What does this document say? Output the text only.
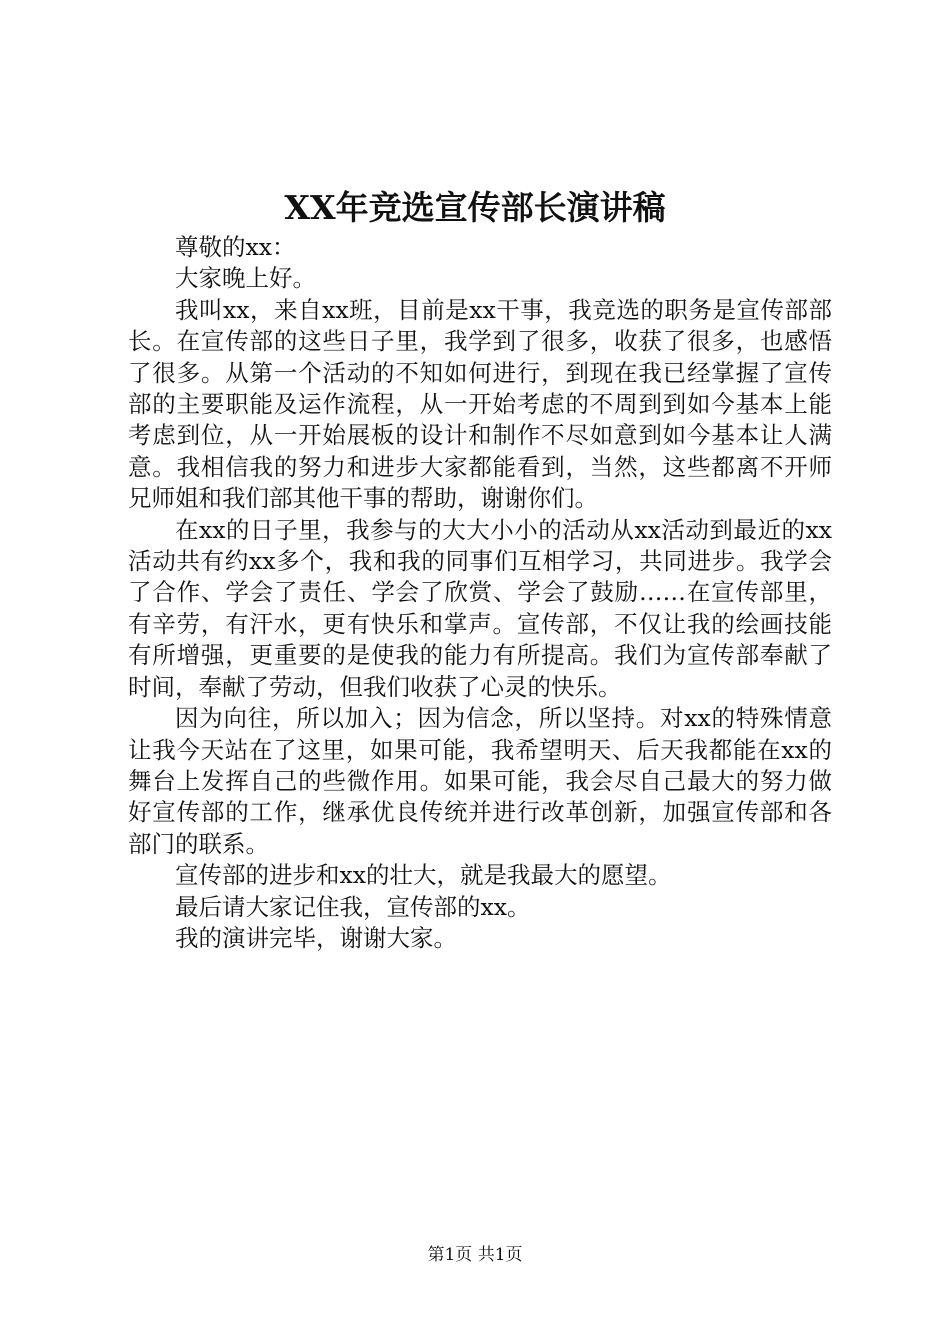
XX年竞选宣传部长演讲稿

尊敬的xx：

大家晚上好。

我叫xx，来自xx班，目前是xx干事，我竞选的职务是宣传部部长。在宣传部的这些日子里，我学到了很多，收获了很多，也感悟了很多。从第一个活动的不知如何进行，到现在我已经掌握了宣传部的主要职能及运作流程，从一开始考虑的不周到到如今基本上能考虑到位，从一开始展板的设计和制作不尽如意到如今基本让人满意。我相信我的努力和进步大家都能看到，当然，这些都离不开师兄师姐和我们部其他干事的帮助，谢谢你们。

在xx的日子里，我参与的大大小小的活动从xx活动到最近的xx活动共有约xx多个，我和我的同事们互相学习，共同进步。我学会了合作、学会了责任、学会了欣赏、学会了鼓励……在宣传部里，有辛劳，有汗水，更有快乐和掌声。宣传部，不仅让我的绘画技能有所增强，更重要的是使我的能力有所提高。我们为宣传部奉献了时间，奉献了劳动，但我们收获了心灵的快乐。

因为向往，所以加入；因为信念，所以坚持。对xx的特殊情意让我今天站在了这里，如果可能，我希望明天、后天我都能在xx的舞台上发挥自己的些微作用。如果可能，我会尽自己最大的努力做好宣传部的工作，继承优良传统并进行改革创新，加强宣传部和各部门的联系。

宣传部的进步和xx的壮大，就是我最大的愿望。

最后请大家记住我，宣传部的xx。

我的演讲完毕，谢谢大家。

第1页 共1页
